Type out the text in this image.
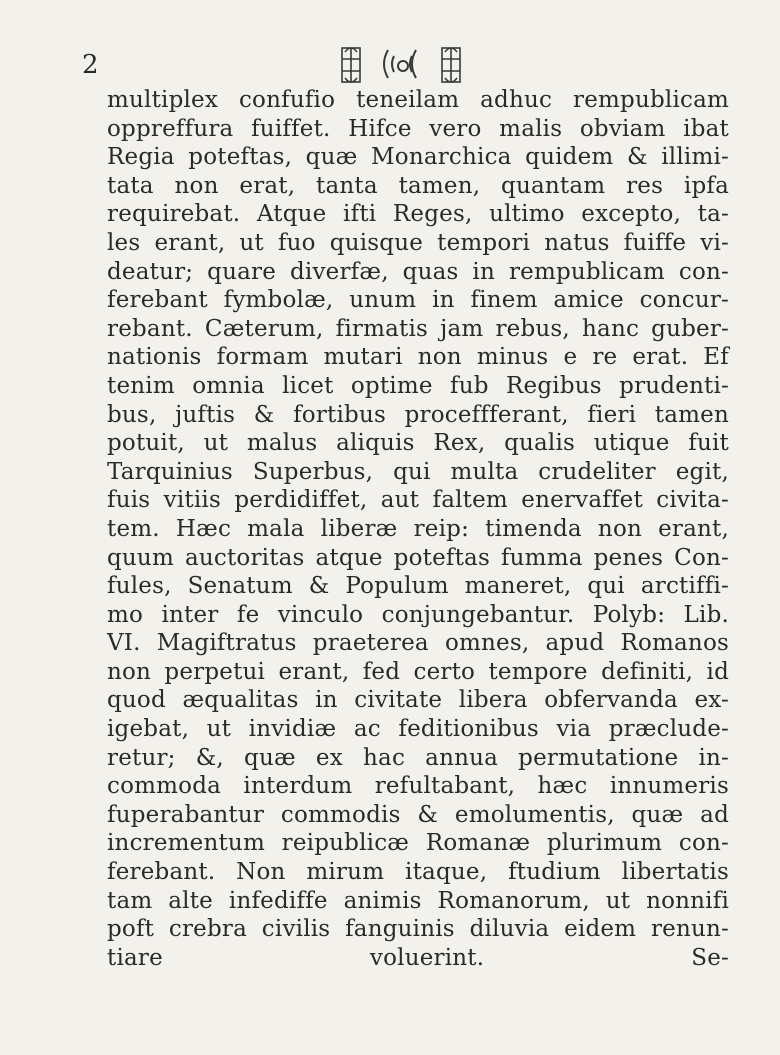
2
multiplex confufio teneilam adhuc rempublicam
oppreffura fuiffet. Hifce vero malis obviam ibat
Regia poteftas, quæ Monarchica quidem & illimi-
tata non erat, tanta tamen, quantam res ipfa
requirebat. Atque ifti Reges, ultimo excepto, ta-
les erant, ut fuo quisque tempori natus fuiffe vi-
deatur; quare diverfæ, quas in rempublicam con-
ferebant fymbolæ, unum in finem amice concur-
rebant. Cæterum, firmatis jam rebus, hanc guber-
nationis formam mutari non minus e re erat. Ef
tenim omnia licet optime fub Regibus prudenti-
bus, juftis & fortibus proceffferant, fieri tamen
potuit, ut malus aliquis Rex, qualis utique fuit
Tarquinius Superbus, qui multa crudeliter egit,
fuis vitiis perdidiffet, aut faltem enervaffet civita-
tem. Hæc mala liberæ reip: timenda non erant,
quum auctoritas atque poteftas fumma penes Con-
fules, Senatum & Populum maneret, qui arctiffi-
mo inter fe vinculo conjungebantur. Polyb: Lib.
VI. Magiftratus praeterea omnes, apud Romanos
non perpetui erant, fed certo tempore definiti, id
quod æqualitas in civitate libera obfervanda ex-
igebat, ut invidiæ ac feditionibus via præclude-
retur; &, quæ ex hac annua permutatione in-
commoda interdum refultabant, hæc innumeris
fuperabantur commodis & emolumentis, quæ ad
incrementum reipublicæ Romanæ plurimum con-
ferebant. Non mirum itaque, ftudium libertatis
tam alte infediffe animis Romanorum, ut nonnifi
poft crebra civilis fanguinis diluvia eidem renun-
tiare voluerint. Se-
